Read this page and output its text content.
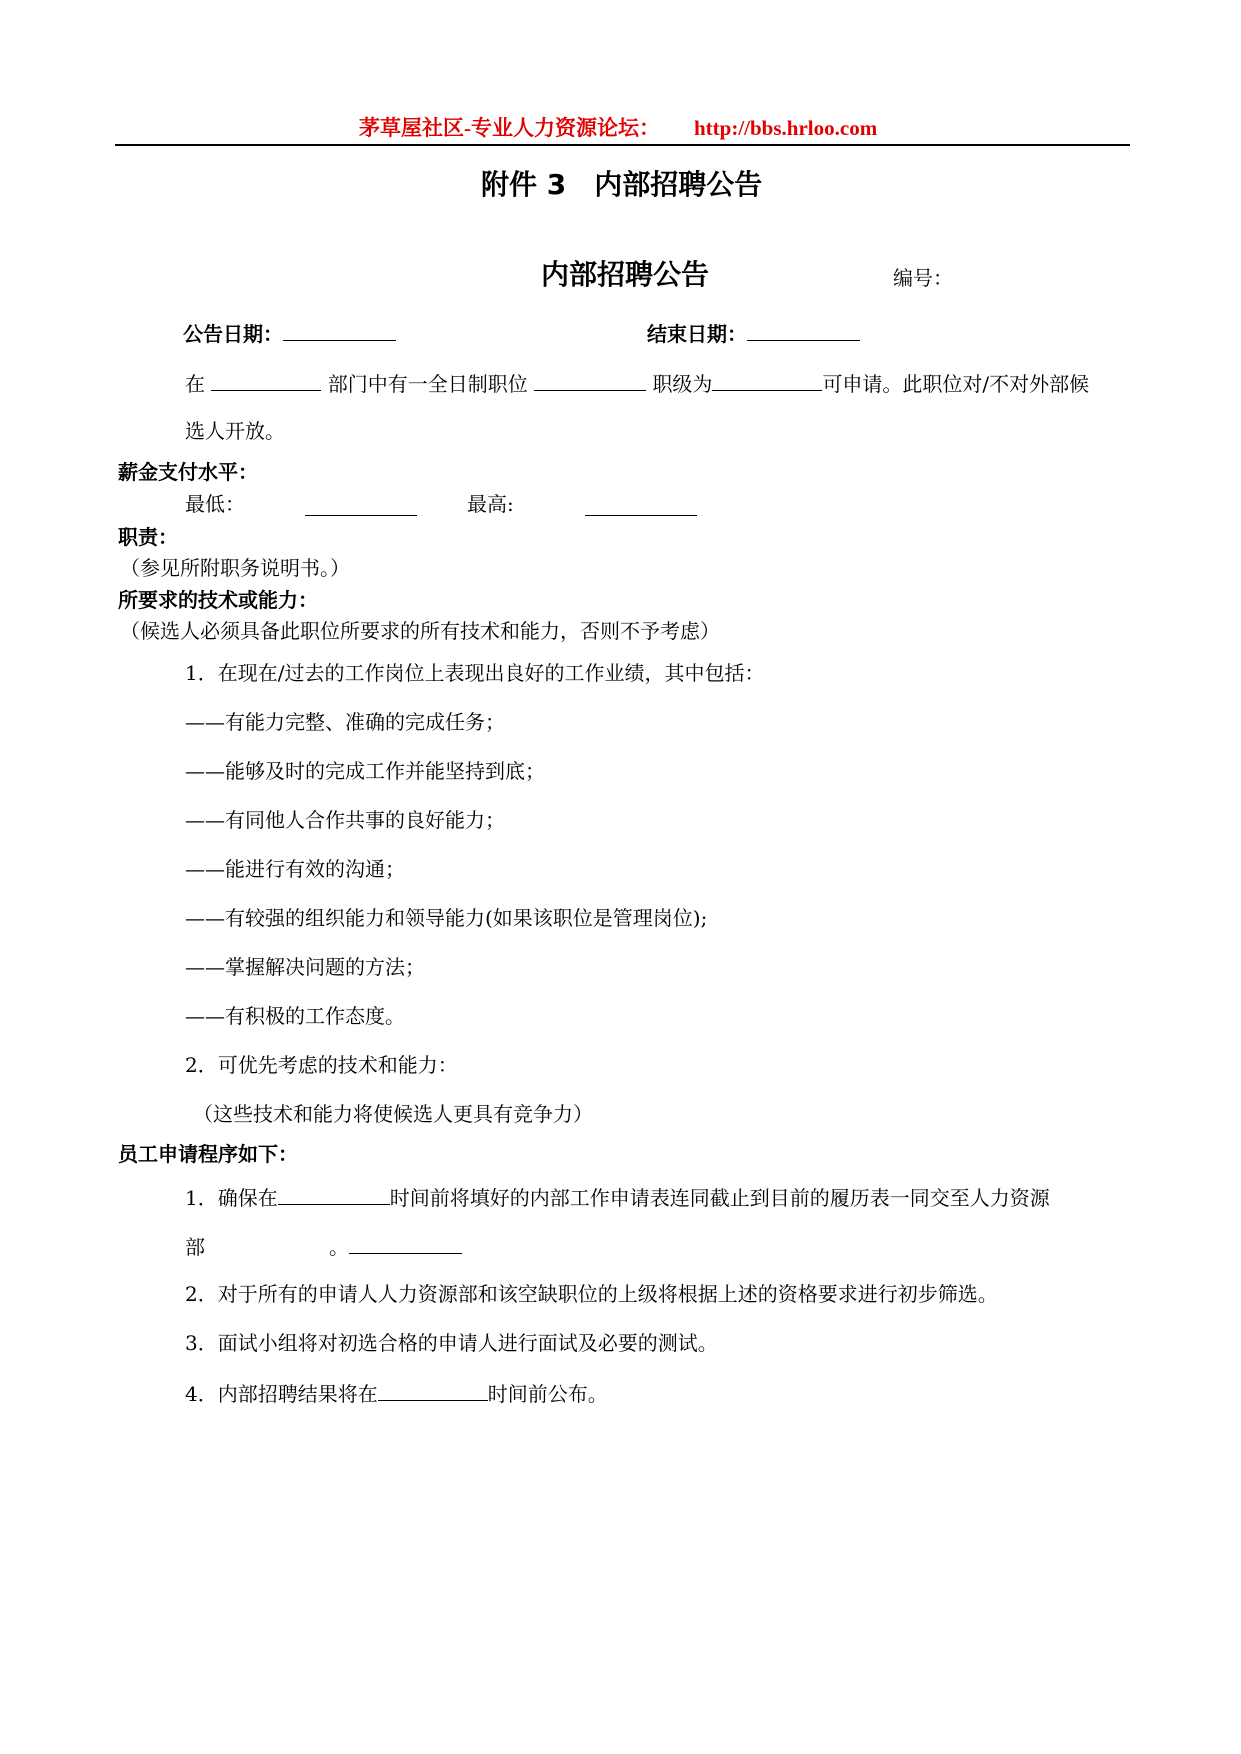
茅草屋社区-专业人力资源论坛： http://bbs.hrloo.com
附件 3　内部招聘公告
内部招聘公告	编号：
公告日期：	结束日期：
在	部门中有一全日制职位	职级为	可申请。此职位对/不对外部候
选人开放。
薪金支付水平：
最低：	最高:
职责：
（参见所附职务说明书。）
所要求的技术或能力：
（候选人必须具备此职位所要求的所有技术和能力，否则不予考虑）
1．在现在/过去的工作岗位上表现出良好的工作业绩，其中包括：
——有能力完整、准确的完成任务；
——能够及时的完成工作并能坚持到底；
——有同他人合作共事的良好能力；
——能进行有效的沟通；
——有较强的组织能力和领导能力(如果该职位是管理岗位);
——掌握解决问题的方法；
——有积极的工作态度。
2．可优先考虑的技术和能力：
（这些技术和能力将使候选人更具有竞争力）
员工申请程序如下：
1．确保在	时间前将填好的内部工作申请表连同截止到目前的履历表一同交至人力资源
部	。
2．对于所有的申请人人力资源部和该空缺职位的上级将根据上述的资格要求进行初步筛选。
3．面试小组将对初选合格的申请人进行面试及必要的测试。
4．内部招聘结果将在	时间前公布。
